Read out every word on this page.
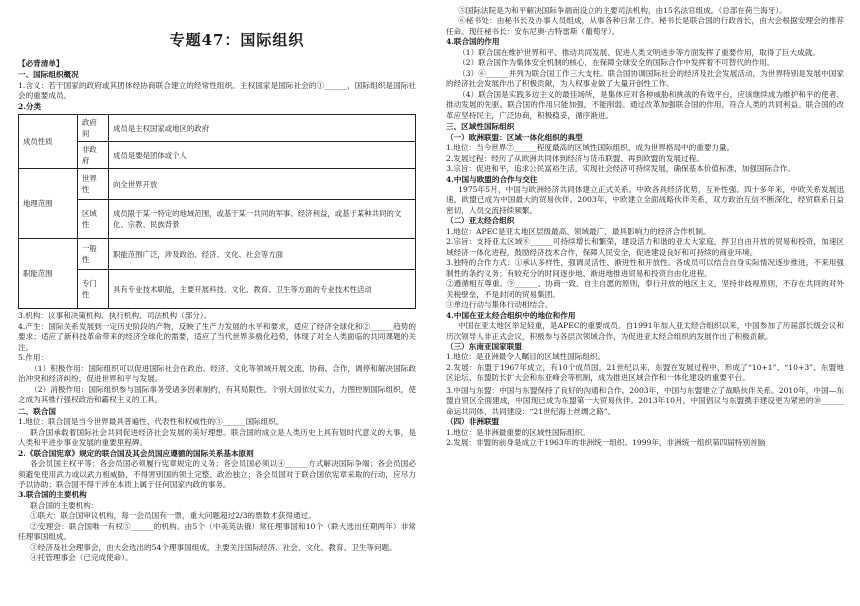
专题47：国际组织

【必背清单】

一、国际组织概况

1.含义：若干国家的政府或其团体经协商联合建立的经常性组织。主权国家是国际社会的①______，国际组织是国际社会的重要成员。

2.分类

成员性质	政府间	成员是主权国家或地区的政府
	非政府	成员是要是团体或个人
地理范围	世界性	向全世界开放
	区域性	成员限于某一特定的地域范围，或基于某一共同的军事、经济利益，或基于某种共同的文化、宗教、民族背景
职能范围	一般性	职能范围广泛，涉及政治、经济、文化、社会等方面
	专门性	具有专业技术职能，主要开展科技、文化、教育、卫生等方面的专业技术性活动

3.机构：议事和决策机构、执行机构、司法机构（部分）。

4.产生：国际关系发展到一定历史阶段的产物，反映了生产力发展的水平和要求，适应了经济全球化和②______趋势的要求；适应了新科技革命带来的经济全球化的需要，适应了当代世界多极化趋势，体现了对全人类面临的共同课题的关注。

5.作用：

（1）积极作用：国际组织可以促进国际社会在政治、经济、文化等领域开展交流、协商、合作，调停和解决国际政治冲突和经济纠纷，促进世界和平与发展。

（2）消极作用：国际组织参与国际事务受诸多因素制约，有其局限性。个别大国依仗实力，力图控制国际组织，使之成为其推行强权政治和霸权主义的工具。

二、联合国

1.地位：联合国是当今世界最具普遍性、代表性和权威性的③______国际组织。

联合国承载着国际社会共同促进经济社会发展的美好理想。联合国的成立是人类历史上具有划时代意义的大事，是人类和平进步事业发展的重要里程碑。

2.《联合国宪章》规定的联合国及其会员国应遵循的国际关系基本原则

各会员国主权平等；各会员国必须履行宪章规定的义务；各会员国必须以④______方式解决国际争端；各会员国必须避免使用武力或以武力相威胁，不得害别国的领土完整、政治独立；各会员国对于联合国依宪章采取的行动，应尽力予以协助；联合国不得干涉在本质上属于任何国家内政的事务。

3.联合国的主要机构

联合国的主要机构：

①联大：联合国审议机构，每一会员国有一票，重大问题超过2/3的票数才获得通过。

②安理会：联合国唯一有权⑤______的机构。由5个（中美英法俄）常任理事国和10个（联大选出任期两年）非常任理事国组成。

③经济及社会理事会，由大会选出的54个理事国组成，主要关注国际经济、社会、文化、教育、卫生等问题。

④托管理事会（已完成使命）。

⑤国际法院是为和平解决国际争端而设立的主要司法机构，由15名法官组成。（总部在荷兰海牙）。

⑥秘书处：由秘书长及办事人员组成，从事各种日常工作。秘书长是联合国的行政首长，由大会根据安理会的推荐任命。现任秘书长：安东尼奥·古特雷斯（葡萄牙）。

4.联合国的作用

（1）联合国在维护世界和平、推动共同发展、促进人类文明进步等方面发挥了重要作用，取得了巨大成就。

（2）联合国作为集体安全机制的核心，在保障全球安全的国际合作中发挥着不可替代的作用。

（3）⑥______并列为联合国工作三大支柱。联合国协调国际社会的经济及社会发展活动，为世界特别是发展中国家的经济社会发展作出了积极贡献，为人权事业做了大量开创性工作。

（4）联合国是实践多边主义的最佳场所，是集体应对各种威胁和挑战的有效平台，应该继续成为维护和平的使者、推动发展的先驱。联合国的作用只能加强，不能削弱。通过改革加强联合国的作用，符合人类的共同利益。联合国的改革应坚持民主，广泛协商，积极稳妥，循序渐进。

三、区域性国际组织

（一）欧洲联盟：区域一体化组织的典型

1.地位：当今世界⑦______程度最高的区域性国际组织，成为世界格局中的重要力量。

2.发展过程：经历了从欧洲共同体到经济与货币联盟、再到欧盟的发展过程。

3.宗旨：促进和平，追求公民富裕生活，实现社会经济可持续发展，确保基本价值标准，加强国际合作。

4.中国与欧盟的合作与交往

1975年5月，中国与欧洲经济共同体建立正式关系。中欧各具经济优势，互补性强。四十多年来，中欧关系发展迅速，欧盟已成为中国最大的贸易伙伴。2003年，中欧建立全面战略伙伴关系，双方政治互信不断深化，经贸联系日益密切，人员交流持续频繁。

（二）亚太经合组织

1.地位：APEC是亚太地区层级最高、领域最广、最具影响力的经济合作机制。

2.宗旨：支持亚太区域⑧______可持续增长和繁荣，建设活力和谐的亚太大家庭，捍卫自由开放的贸易和投资，加速区域经济一体化进程，鼓励经济技术合作，保障人民安全，促进建设良好和可持续的商业环境。

3.独特的合作方式：①承认多样性，强调灵活性、渐进性和开放性。各成员可以结合自身实际情况逐步推进，不来用强制性的条约义务；有较充分的时间逐步地、渐进地推进贸易和投资自由化进程。

②遵循相互尊重、⑨______、协商一致、自主自愿的原则，奉行开放的地区主义，坚持非歧视原则，不存在共同的对外关税壁垒，不是封闭的贸易集团。

③单边行动与集体行动相结合。

4.中国在亚太经合组织中的地位和作用

中国在亚太地区举足轻重，是APEC的重要成员。自1991年加入亚太经合组织以来，中国参加了历届部长级会议和历次领导人非正式会议，积极参与各层次领域合作，为促进亚太经合组织的发展作出了积极贡献。

（三）东南亚国家联盟

1.地位：是亚洲最令人瞩目的区域性国际组织。

2.发展：东盟于1967年成立，有10个成员国。21世纪以来，东盟在发展过程中，形成了“10+1”、“10+3”、东盟地区论坛、东盟防长扩大会和东亚峰会等机制，成为推进区域合作和一体化建设的重要平台。

3.中国与东盟：中国与东盟保持了良好的沟通和合作。2003年，中国与东盟建立了战略伙伴关系。2010年，中国—东盟自贸区全面建成，中国现已成为东盟第一大贸易伙伴。2013年10月，中国倡议与东盟携手建设更为紧密的⑩______命运共同体，共同建设：“21世纪海上丝绸之路”。

（四）非洲联盟

1.地位：是非洲最重要的区域性国际组织。

2.发展：非盟的前身是成立于1963年的非洲统一组织。1999年，非洲统一组织第四届特别首脑
